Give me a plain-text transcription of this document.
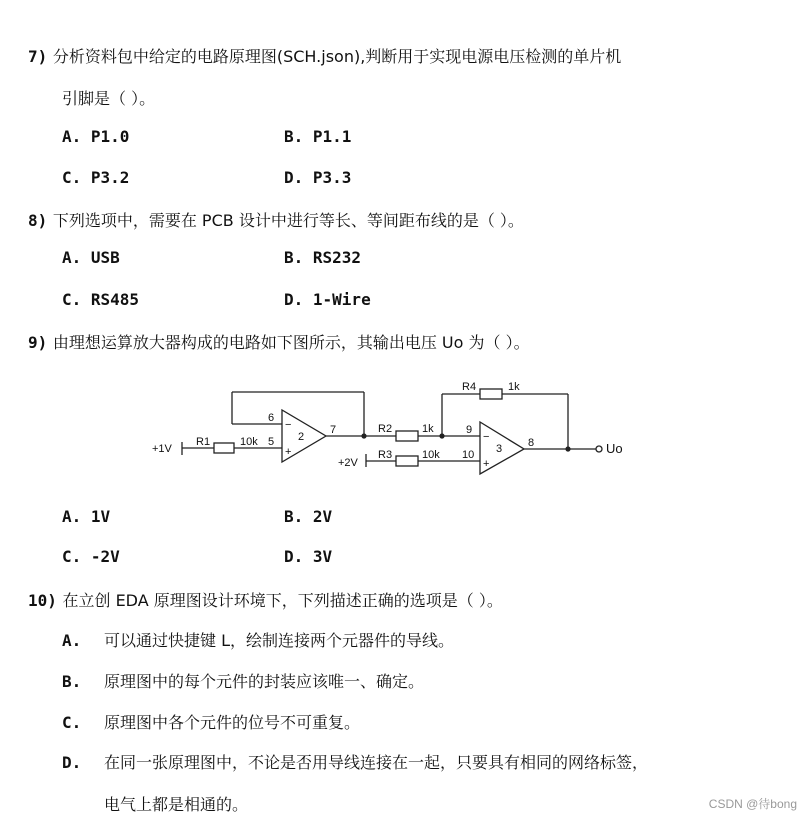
7) 分析资料包中给定的电路原理图(SCH.json),判断用于实现电源电压检测的单片机
引脚是（ ）。
A. P1.0	B. P1.1
C. P3.2	D. P3.3
8) 下列选项中，需要在 PCB 设计中进行等长、等间距布线的是（ ）。
A. USB	B. RS232
C. RS485	D. 1-Wire
9) 由理想运算放大器构成的电路如下图所示，其输出电压 Uo 为（ ）。
+1V
R1	10k
6
5
−
+
2
7	R2	1k
R4	1k
+2V
R3	10k
9
10
−
+
3 8	Uo
A. 1V	B. 2V
C. -2V	D. 3V
10) 在立创 EDA 原理图设计环境下，下列描述正确的选项是（ ）。
A. 可以通过快捷键 L，绘制连接两个元器件的导线。
B. 原理图中的每个元件的封装应该唯一、确定。
C. 原理图中各个元件的位号不可重复。
D. 在同一张原理图中，不论是否用导线连接在一起，只要具有相同的网络标签，
电气上都是相通的。	CSDN @待bong
